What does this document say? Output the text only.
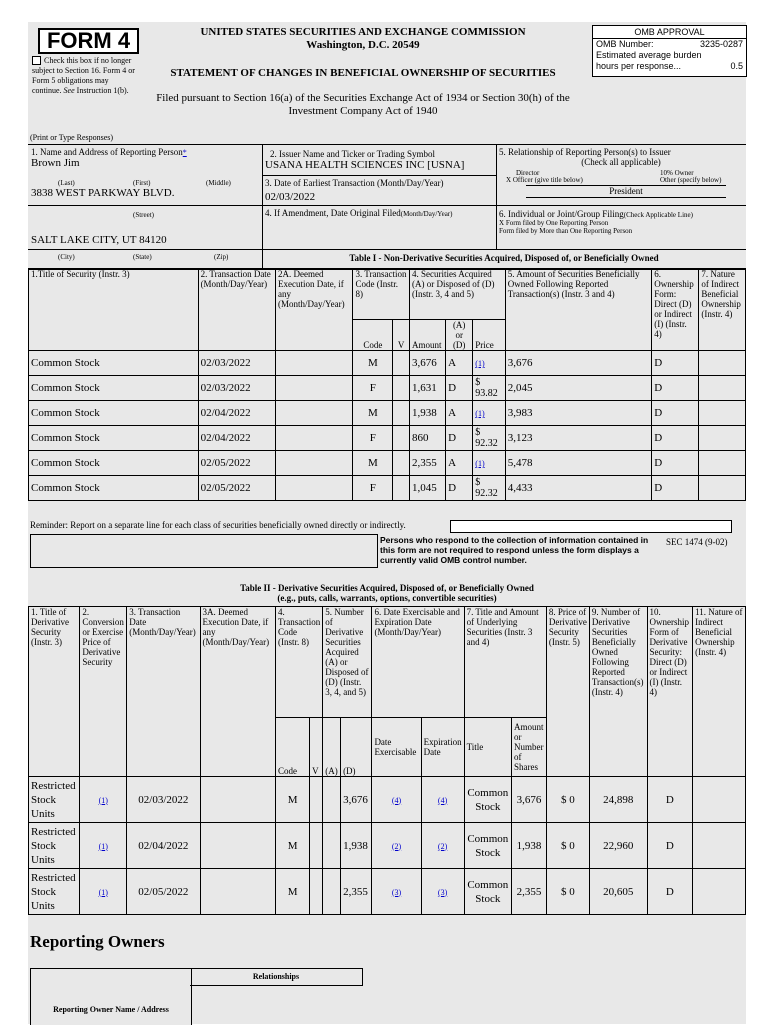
FORM 4
Check this box if no longer subject to Section 16. Form 4 or Form 5 obligations may continue. See Instruction 1(b).
UNITED STATES SECURITIES AND EXCHANGE COMMISSION
Washington, D.C. 20549
STATEMENT OF CHANGES IN BENEFICIAL OWNERSHIP OF SECURITIES
Filed pursuant to Section 16(a) of the Securities Exchange Act of 1934 or Section 30(h) of the
Investment Company Act of 1940
OMB APPROVAL
OMB Number:	3235-0287
Estimated average burden
hours per response...	0.5
(Print or Type Responses)
1. Name and Address of Reporting Person*
Brown Jim
(Last)	(First)	(Middle)
3838 WEST PARKWAY BLVD.
(Street)
SALT LAKE CITY, UT 84120
(City)	(State)	(Zip)
2. Issuer Name and Ticker or Trading Symbol
USANA HEALTH SCIENCES INC [USNA]
3. Date of Earliest Transaction (Month/Day/Year)
02/03/2022
4. If Amendment, Date Original Filed(Month/Day/Year)
5. Relationship of Reporting Person(s) to Issuer
(Check all applicable)
Director	10% Owner
X Officer (give title below)	Other (specify below)
President
6. Individual or Joint/Group Filing(Check Applicable Line)
X Form filed by One Reporting Person
Form filed by More than One Reporting Person
Table I - Non-Derivative Securities Acquired, Disposed of, or Beneficially Owned
1.Title of Security (Instr. 3)	2. Transaction Date (Month/Day/Year)	2A. Deemed Execution Date, if any (Month/Day/Year)	3. Transaction Code (Instr. 8)		4. Securities Acquired (A) or Disposed of (D) (Instr. 3, 4 and 5)			5. Amount of Securities Beneficially Owned Following Reported Transaction(s) (Instr. 3 and 4)	6. Ownership Form: Direct (D) or Indirect (I) (Instr. 4)	7. Nature of Indirect Beneficial Ownership (Instr. 4)
			Code	V	Amount	(A) or (D)	Price			
Common Stock	02/03/2022		M		3,676	A	(1)	3,676	D	
Common Stock	02/03/2022		F		1,631	D	$ 93.82	2,045	D	
Common Stock	02/04/2022		M		1,938	A	(1)	3,983	D	
Common Stock	02/04/2022		F		860	D	$ 92.32	3,123	D	
Common Stock	02/05/2022		M		2,355	A	(1)	5,478	D	
Common Stock	02/05/2022		F		1,045	D	$ 92.32	4,433	D	
Reminder: Report on a separate line for each class of securities beneficially owned directly or indirectly.
Persons who respond to the collection of information contained in this form are not required to respond unless the form displays a currently valid OMB control number.
SEC 1474 (9-02)
Table II - Derivative Securities Acquired, Disposed of, or Beneficially Owned
(e.g., puts, calls, warrants, options, convertible securities)
1. Title of Derivative Security (Instr. 3)	2. Conversion or Exercise Price of Derivative Security	3. Transaction Date (Month/Day/Year)	3A. Deemed Execution Date, if any (Month/Day/Year)	4. Transaction Code (Instr. 8)		5. Number of Derivative Securities Acquired (A) or Disposed of (D) (Instr. 3, 4, and 5)		6. Date Exercisable and Expiration Date (Month/Day/Year)		7. Title and Amount of Underlying Securities (Instr. 3 and 4)		8. Price of Derivative Security (Instr. 5)	9. Number of Derivative Securities Beneficially Owned Following Reported Transaction(s) (Instr. 4)	10. Ownership Form of Derivative Security: Direct (D) or Indirect (I) (Instr. 4)	11. Nature of Indirect Beneficial Ownership (Instr. 4)
				Code	V	(A)	(D)	Date Exercisable	Expiration Date	Title	Amount or Number of Shares				
Restricted Stock Units	(1)	02/03/2022		M			3,676	(4)	(4)	Common Stock	3,676	$ 0	24,898	D	
Restricted Stock Units	(1)	02/04/2022		M			1,938	(2)	(2)	Common Stock	1,938	$ 0	22,960	D	
Restricted Stock Units	(1)	02/05/2022		M			2,355	(3)	(3)	Common Stock	2,355	$ 0	20,605	D	
Reporting Owners
Reporting Owner Name / Address
Relationships
